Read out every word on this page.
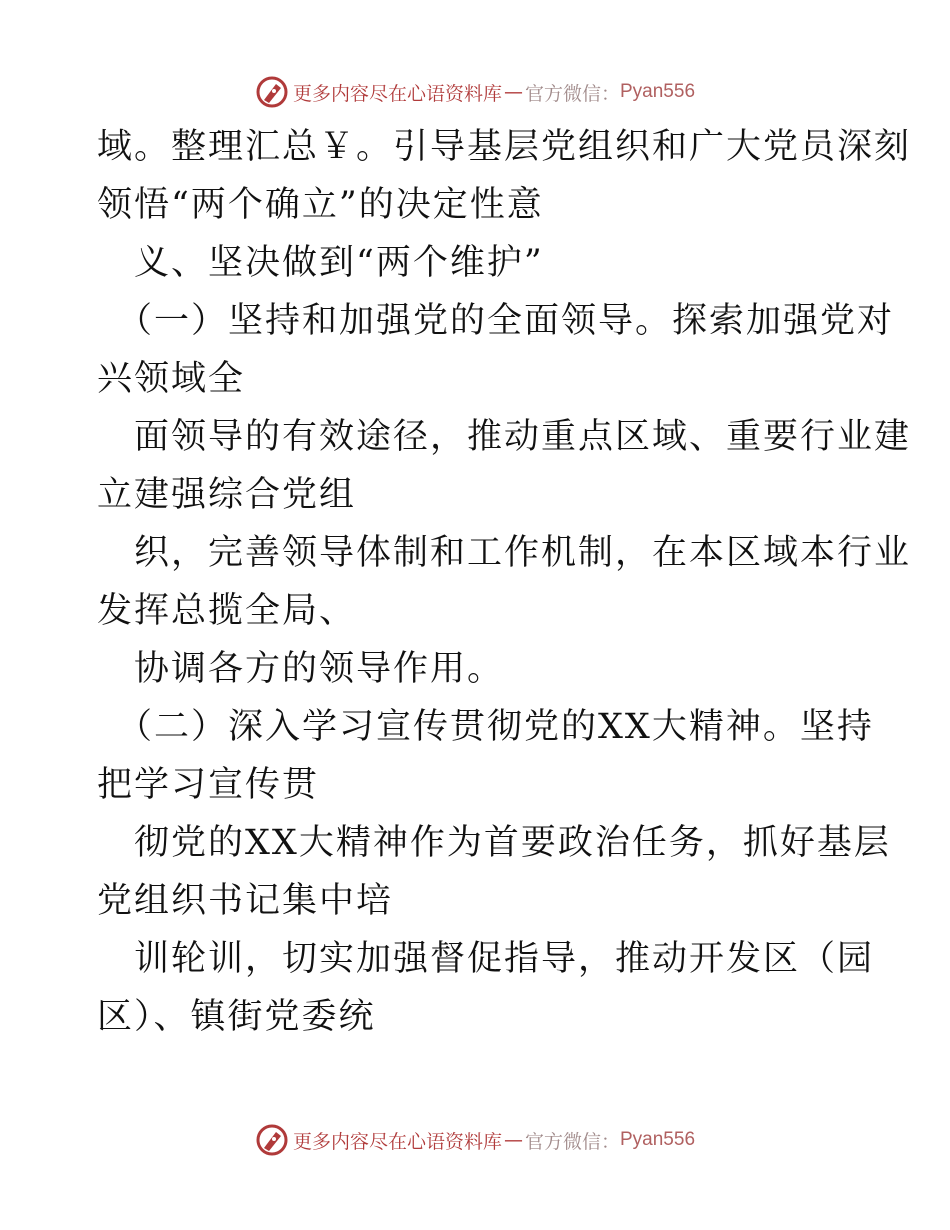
更多内容尽在心语资料库 — 官方微信： Pyan556
域。整理汇总￥。引导基层党组织和广大党员深刻
领悟“两个确立”的决定性意
义、坚决做到“两个维护”
（一）坚持和加强党的全面领导。探索加强党对
兴领域全
面领导的有效途径，推动重点区域、重要行业建
立建强综合党组
织，完善领导体制和工作机制，在本区域本行业
发挥总揽全局、
协调各方的领导作用。
（二）深入学习宣传贯彻党的XX大精神。坚持
把学习宣传贯
彻党的XX大精神作为首要政治任务，抓好基层
党组织书记集中培
训轮训，切实加强督促指导，推动开发区（园
区）、镇街党委统
更多内容尽在心语资料库 — 官方微信： Pyan556
